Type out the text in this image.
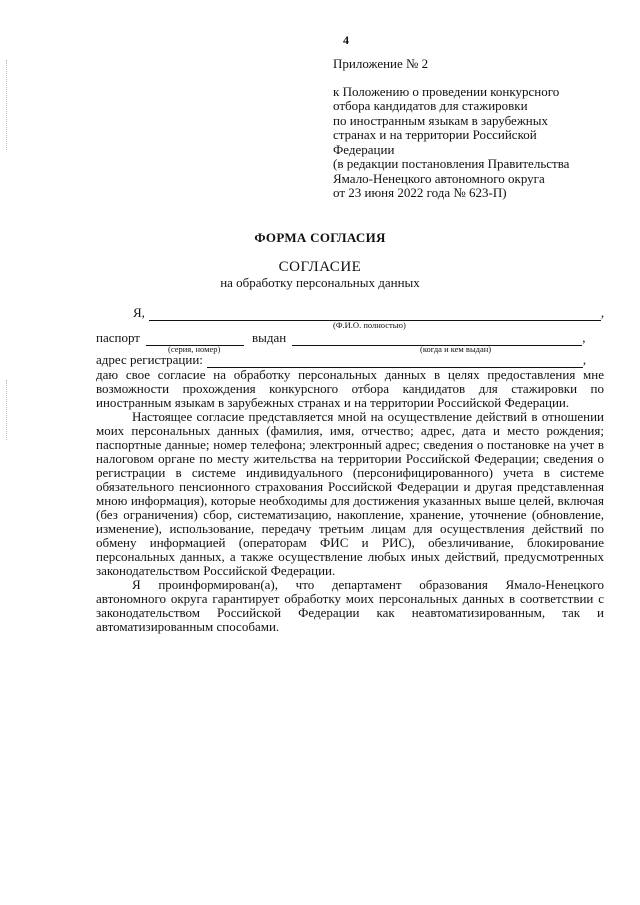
4
Приложение № 2
к Положению о проведении конкурсного
отбора кандидатов для стажировки
по иностранным языкам в зарубежных
странах и на территории Российской
Федерации
(в редакции постановления Правительства
Ямало-Ненецкого автономного округа
от 23 июня 2022 года № 623-П)
ФОРМА СОГЛАСИЯ
СОГЛАСИЕ
на обработку персональных данных
Я,	,
(Ф.И.О. полностью)
паспорт	выдан	,
(серия, номер)	(когда и кем выдан)
адрес регистрации:	,

даю свое согласие на обработку персональных данных в целях предоставления мне возможности прохождения конкурсного отбора кандидатов для стажировки по иностранным языкам в зарубежных странах и на территории Российской Федерации.

Настоящее согласие представляется мной на осуществление действий в отношении моих персональных данных (фамилия, имя, отчество; адрес, дата и место рождения; паспортные данные; номер телефона; электронный адрес; сведения о постановке на учет в налоговом органе по месту жительства на территории Российской Федерации; сведения о регистрации в системе индивидуального (персонифицированного) учета в системе обязательного пенсионного страхования Российской Федерации и другая представленная мною информация), которые необходимы для достижения указанных выше целей, включая (без ограничения) сбор, систематизацию, накопление, хранение, уточнение (обновление, изменение), использование, передачу третьим лицам для осуществления действий по обмену информацией (операторам ФИС и РИС), обезличивание, блокирование персональных данных, а также осуществление любых иных действий, предусмотренных законодательством Российской Федерации.

Я проинформирован(а), что департамент образования Ямало-Ненецкого автономного округа гарантирует обработку моих персональных данных в соответствии с законодательством Российской Федерации как неавтоматизированным, так и автоматизированным способами.
